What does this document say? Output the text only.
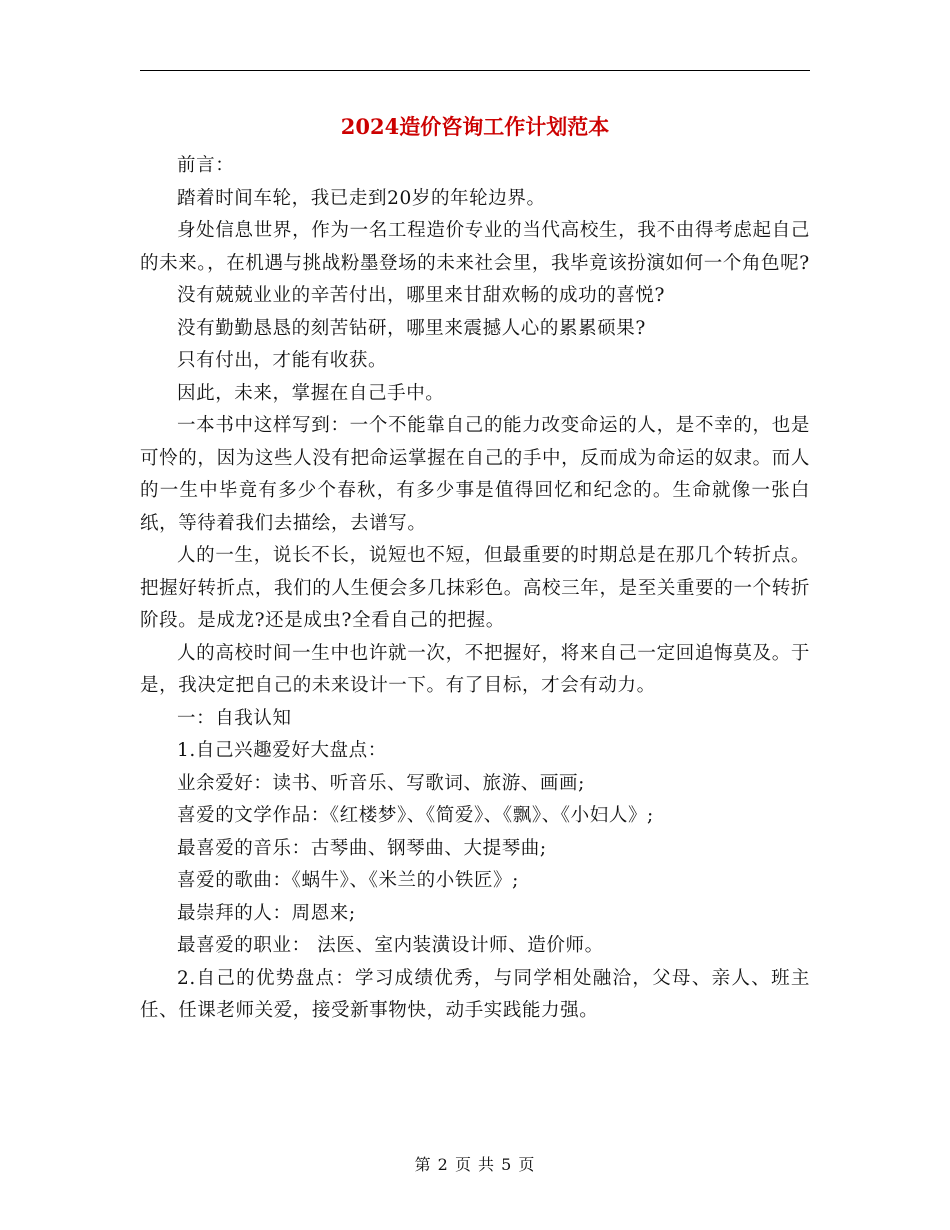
2024造价咨询工作计划范本

前言：

踏着时间车轮，我已走到20岁的年轮边界。

身处信息世界，作为一名工程造价专业的当代高校生，我不由得考虑起自己的未来。，在机遇与挑战粉墨登场的未来社会里，我毕竟该扮演如何一个角色呢?

没有兢兢业业的辛苦付出，哪里来甘甜欢畅的成功的喜悦?

没有勤勤恳恳的刻苦钻研，哪里来震撼人心的累累硕果?

只有付出，才能有收获。

因此，未来，掌握在自己手中。

一本书中这样写到：一个不能靠自己的能力改变命运的人，是不幸的，也是可怜的，因为这些人没有把命运掌握在自己的手中，反而成为命运的奴隶。而人的一生中毕竟有多少个春秋，有多少事是值得回忆和纪念的。生命就像一张白纸，等待着我们去描绘，去谱写。

人的一生，说长不长，说短也不短，但最重要的时期总是在那几个转折点。把握好转折点，我们的人生便会多几抹彩色。高校三年，是至关重要的一个转折阶段。是成龙?还是成虫?全看自己的把握。

人的高校时间一生中也许就一次，不把握好，将来自己一定回追悔莫及。于是，我决定把自己的未来设计一下。有了目标，才会有动力。

一：自我认知

1.自己兴趣爱好大盘点：

业余爱好：读书、听音乐、写歌词、旅游、画画;

喜爱的文学作品：《红楼梦》、《简爱》、《飘》、《小妇人》;

最喜爱的音乐：古琴曲、钢琴曲、大提琴曲;

喜爱的歌曲：《蜗牛》、《米兰的小铁匠》;

最崇拜的人：周恩来;

最喜爱的职业： 法医、室内装潢设计师、造价师。

2.自己的优势盘点：学习成绩优秀，与同学相处融洽，父母、亲人、班主任、任课老师关爱，接受新事物快，动手实践能力强。

第 2 页 共 5 页
